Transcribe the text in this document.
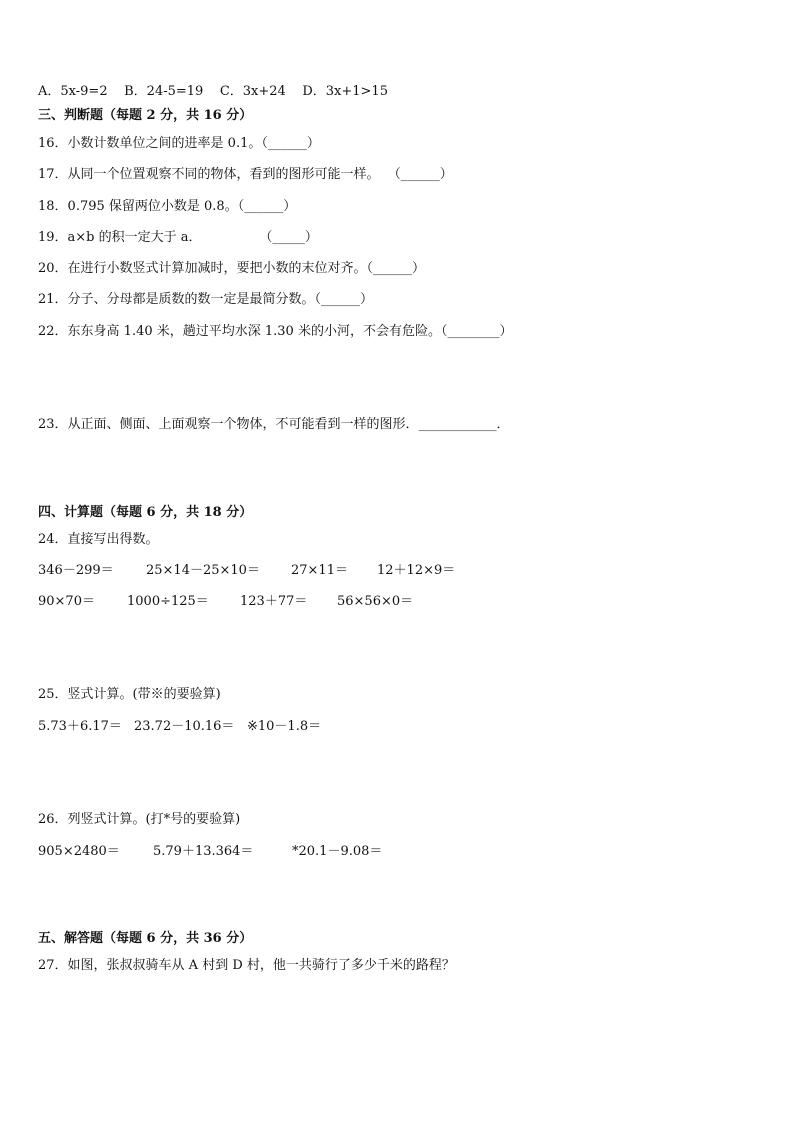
A．5x-9=2    B．24-5=19    C．3x+24    D．3x+1>15
三、判断题（每题 2 分，共 16 分）
16．小数计数单位之间的进率是 0.1。（______）
17．从同一个位置观察不同的物体，看到的图形可能一样。  （______）
18．0.795 保留两位小数是 0.8。（______）
19．a×b 的积一定大于 a．              （_____）
20．在进行小数竖式计算加减时，要把小数的末位对齐。（______）
21．分子、分母都是质数的数一定是最简分数。（______）
22．东东身高 1.40 米，趟过平均水深 1.30 米的小河，不会有危险。（________）
23．从正面、侧面、上面观察一个物体，不可能看到一样的图形．____________．
四、计算题（每题 6 分，共 18 分）
24．直接写出得数。
346－299＝ 25×14－25×10＝ 27×11＝ 12＋12×9＝
90×70＝ 1000÷125＝ 123＋77＝ 56×56×0＝
25．竖式计算。(带※的要验算)
5.73＋6.17＝ 23.72－10.16＝ ※10－1.8＝
26．列竖式计算。(打*号的要验算)
905×2480＝	5.79＋13.364＝	*20.1－9.08＝
五、解答题（每题 6 分，共 36 分）
27．如图，张叔叔骑车从 A 村到 D 村，他一共骑行了多少千米的路程？
